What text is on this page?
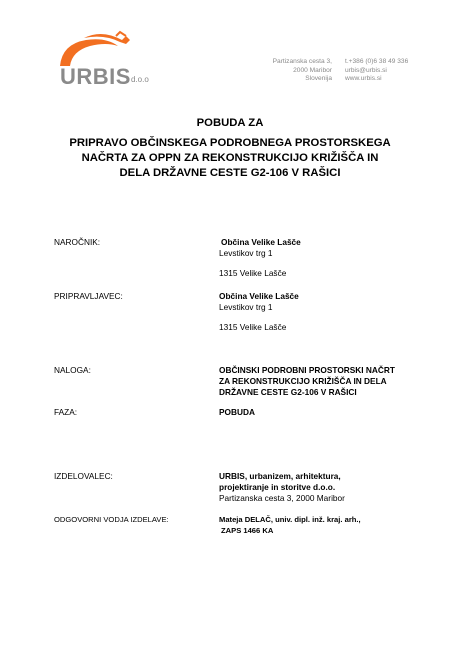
URBIS d.o.o
Partizanska cesta 3,
2000 Maribor
Slovenija
t.+386 (0)6 38 49 336
urbis@urbis.si
www.urbis.si
POBUDA ZA
PRIPRAVO OBČINSKEGA PODROBNEGA PROSTORSKEGA
NAČRTA ZA OPPN ZA REKONSTRUKCIJO KRIŽIŠČA IN
DELA DRŽAVNE CESTE G2-106 V RAŠICI
NAROČNIK:	Občina Velike Lašče
Levstikov trg 1
1315 Velike Lašče
PRIPRAVLJAVEC:	Občina Velike Lašče
Levstikov trg 1
1315 Velike Lašče
NALOGA:	OBČINSKI PODROBNI PROSTORSKI NAČRT
ZA REKONSTRUKCIJO KRIŽIŠČA IN DELA
DRŽAVNE CESTE G2-106 V RAŠICI
FAZA:	POBUDA
IZDELOVALEC:	URBIS, urbanizem, arhitektura,
projektiranje in storitve d.o.o.
Partizanska cesta 3, 2000 Maribor
ODGOVORNI VODJA IZDELAVE:	Mateja DELAČ, univ. dipl. inž. kraj. arh.,
ZAPS 1466 KA
